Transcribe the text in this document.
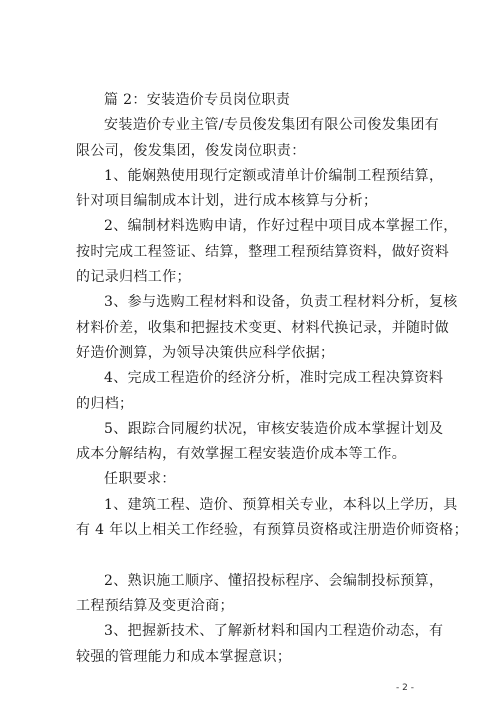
篇 2：安装造价专员岗位职责
安装造价专业主管/专员俊发集团有限公司俊发集团有
限公司，俊发集团，俊发岗位职责：
1、能娴熟使用现行定额或清单计价编制工程预结算，
针对项目编制成本计划，进行成本核算与分析；
2、编制材料选购申请，作好过程中项目成本掌握工作，
按时完成工程签证、结算，整理工程预结算资料，做好资料
的记录归档工作；
3、参与选购工程材料和设备，负责工程材料分析，复核
材料价差，收集和把握技术变更、材料代换记录，并随时做
好造价测算，为领导决策供应科学依据；
4、完成工程造价的经济分析，准时完成工程决算资料
的归档；
5、跟踪合同履约状况，审核安装造价成本掌握计划及
成本分解结构，有效掌握工程安装造价成本等工作。
任职要求：
1、建筑工程、造价、预算相关专业，本科以上学历，具
有 4 年以上相关工作经验，有预算员资格或注册造价师资格；
2、熟识施工顺序、懂招投标程序、会编制投标预算，
工程预结算及变更洽商；
3、把握新技术、了解新材料和国内工程造价动态，有
较强的管理能力和成本掌握意识；
- 2 -
